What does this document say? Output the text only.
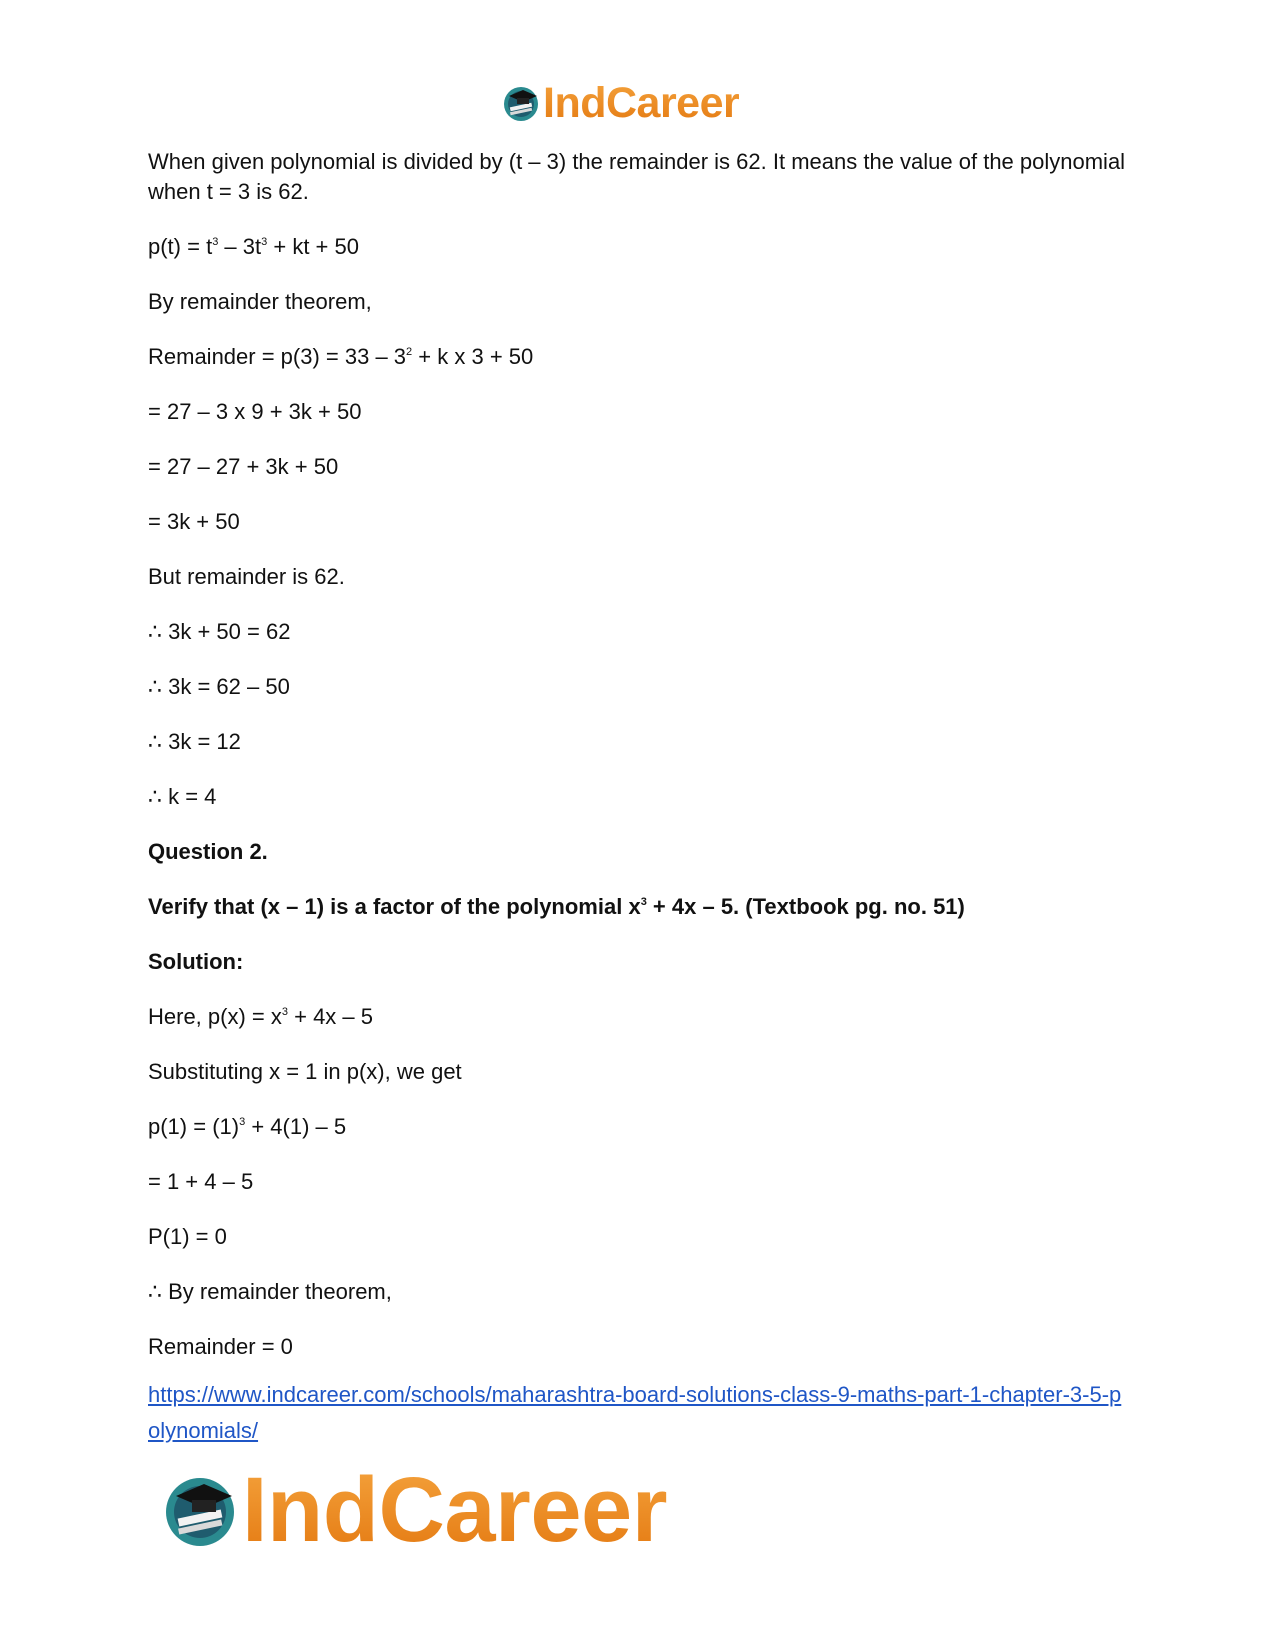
IndCareer

When given polynomial is divided by (t – 3) the remainder is 62. It means the value of the polynomial when t = 3 is 62.

$p(t) = t^3 - 3t^3$ + kt + 50

By remainder theorem,

Remainder = $p(3) = 33 - 3^2 + k$ x 3 + 50

= 27 – 3 x 9 + 3k + 50

= 27 – 27 + 3k + 50

= 3k + 50

But remainder is 62.

∴ 3k + 50 = 62

∴ 3k = 62 – 50

∴ 3k = 12

∴ k = 4

Question 2.

Verify that (x – 1) is a factor of the polynomial $x^3 + 4x - 5$. (Textbook pg. no. 51)

Solution:

Here, $p(x) = x^3 + 4x - 5$

Substituting x = 1 in p(x), we get

$p(1) = (1)^3 + 4(1) - 5$

= 1 + 4 – 5

P(1) = 0

∴ By remainder theorem,

Remainder = 0

https://www.indcareer.com/schools/maharashtra-board-solutions-class-9-maths-part-1-chapter-3-5-polynomials/
IndCareer
